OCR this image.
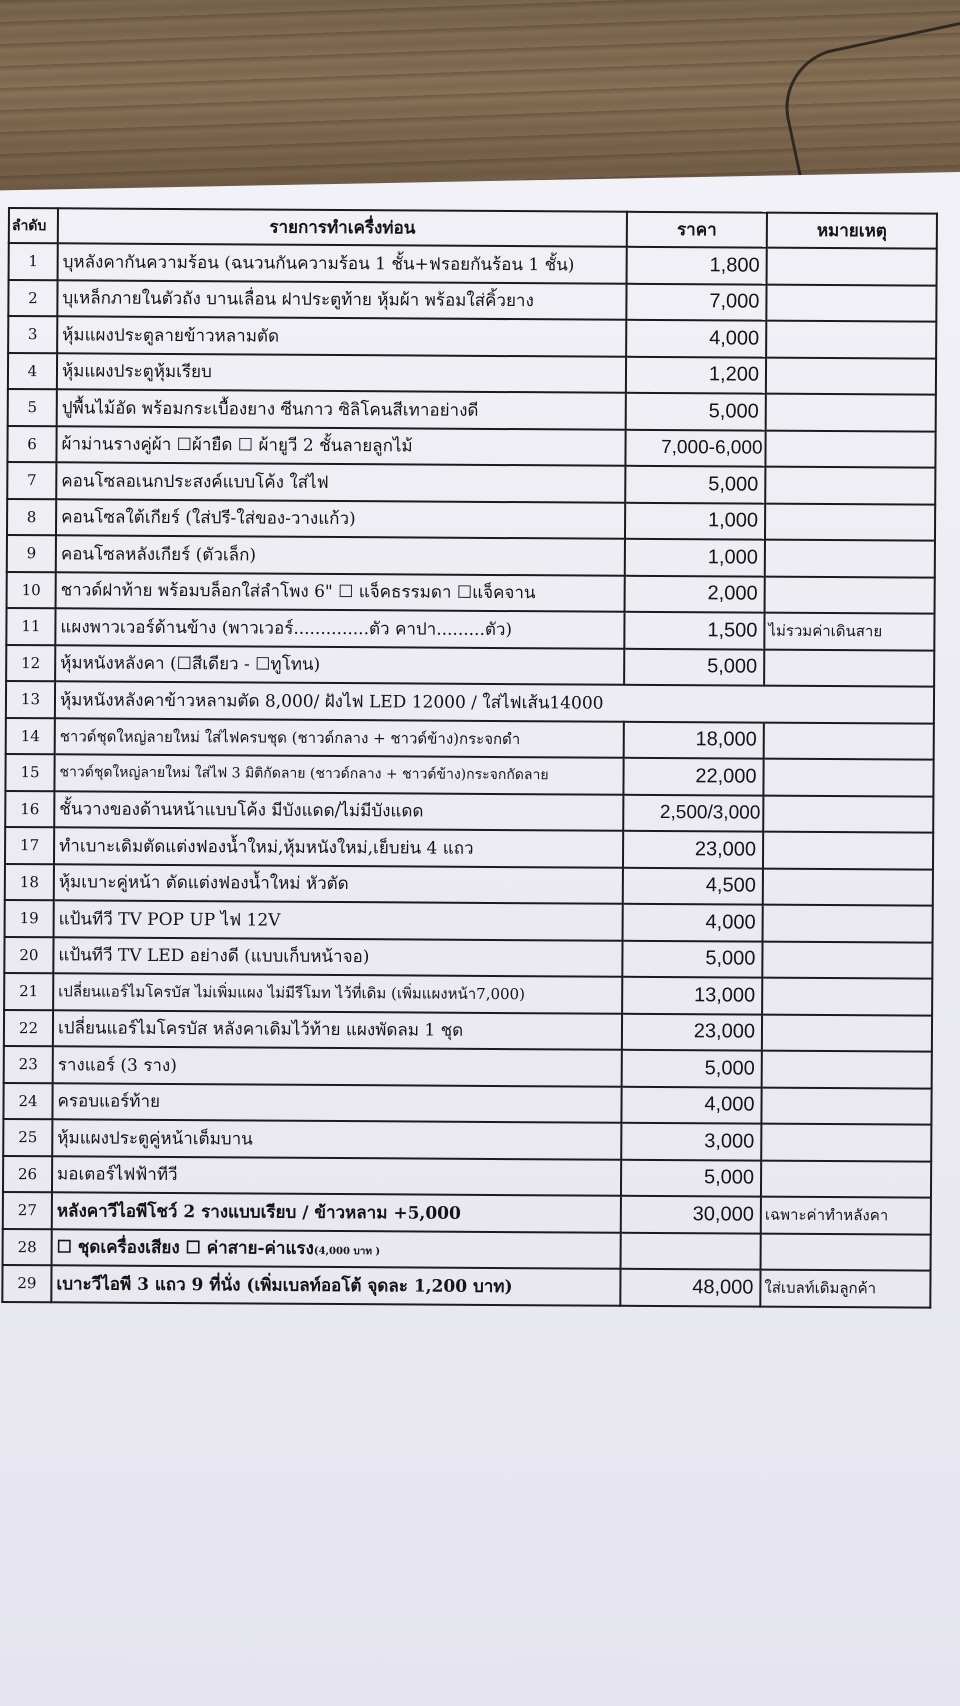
ลำดับ	รายการทำเครื่งท่อน	ราคา	หมายเหตุ
1	บุหลังคากันความร้อน (ฉนวนกันความร้อน 1 ชั้น+ฟรอยกันร้อน 1 ชั้น)	1,800	
2	บุเหล็กภายในตัวถัง บานเลื่อน ฝาประตูท้าย หุ้มผ้า พร้อมใส่คิ้วยาง	7,000	
3	หุ้มแผงประตูลายข้าวหลามตัด	4,000	
4	หุ้มแผงประตูหุ้มเรียบ	1,200	
5	ปูพื้นไม้อัด พร้อมกระเบื้องยาง ซีนกาว ซิลิโคนสีเทาอย่างดี	5,000	
6	ผ้าม่านรางคู่ผ้า ☐ผ้ายืด ☐ ผ้ายูวี 2 ชั้นลายลูกไม้	7,000-6,000	
7	คอนโซลอเนกประสงค์แบบโค้ง ใส่ไฟ	5,000	
8	คอนโซลใต้เกียร์ (ใส่ปรี-ใส่ของ-วางแก้ว)	1,000	
9	คอนโซลหลังเกียร์ (ตัวเล็ก)	1,000	
10	ชาวด์ฝาท้าย พร้อมบล็อกใส่ลำโพง 6" ☐ แจ็คธรรมดา ☐แจ็คจาน	2,000	
11	แผงพาวเวอร์ด้านข้าง (พาวเวอร์..............ตัว คาปา.........ตัว)	1,500	ไม่รวมค่าเดินสาย
12	หุ้มหนังหลังคา (☐สีเดียว - ☐ทูโทน)	5,000	
13	หุ้มหนังหลังคาข้าวหลามตัด 8,000/ ฝังไฟ LED 12000 / ใส่ไฟเส้น14000		
14	ชาวด์ชุดใหญ่ลายใหม่ ใส่ไฟครบชุด (ชาวด์กลาง + ชาวด์ข้าง)กระจกดำ	18,000	
15	ชาวด์ชุดใหญ่ลายใหม่ ใส่ไฟ 3 มิติกัดลาย (ชาวด์กลาง + ชาวด์ข้าง)กระจกกัดลาย	22,000	
16	ชั้นวางของด้านหน้าแบบโค้ง มีบังแดด/ไม่มีบังแดด	2,500/3,000	
17	ทำเบาะเดิมตัดแต่งฟองน้ำใหม่,หุ้มหนังใหม่,เย็บย่น 4 แถว	23,000	
18	หุ้มเบาะคู่หน้า ตัดแต่งฟองน้ำใหม่ หัวตัด	4,500	
19	แป้นทีวี TV POP UP ไฟ 12V	4,000	
20	แป้นทีวี TV LED อย่างดี (แบบเก็บหน้าจอ)	5,000	
21	เปลี่ยนแอร์ไมโครบัส ไม่เพิ่มแผง ไม่มีรีโมท ไว้ที่เดิม (เพิ่มแผงหน้า7,000)	13,000	
22	เปลี่ยนแอร์ไมโครบัส หลังคาเดิมไว้ท้าย แผงพัดลม 1 ชุด	23,000	
23	รางแอร์ (3 ราง)	5,000	
24	ครอบแอร์ท้าย	4,000	
25	หุ้มแผงประตูคู่หน้าเต็มบาน	3,000	
26	มอเตอร์ไฟฟ้าทีวี	5,000	
27	หลังคาวีไอพีโชว์ 2 รางแบบเรียบ / ข้าวหลาม +5,000	30,000	เฉพาะค่าทำหลังคา
28	☐ ชุดเครื่องเสียง ☐ ค่าสาย-ค่าแรง(4,000 บาท )		
29	เบาะวีไอพี 3 แถว 9 ที่นั่ง (เพิ่มเบลท์ออโต้ จุดละ 1,200 บาท)	48,000	ใส่เบลท์เดิมลูกค้า
